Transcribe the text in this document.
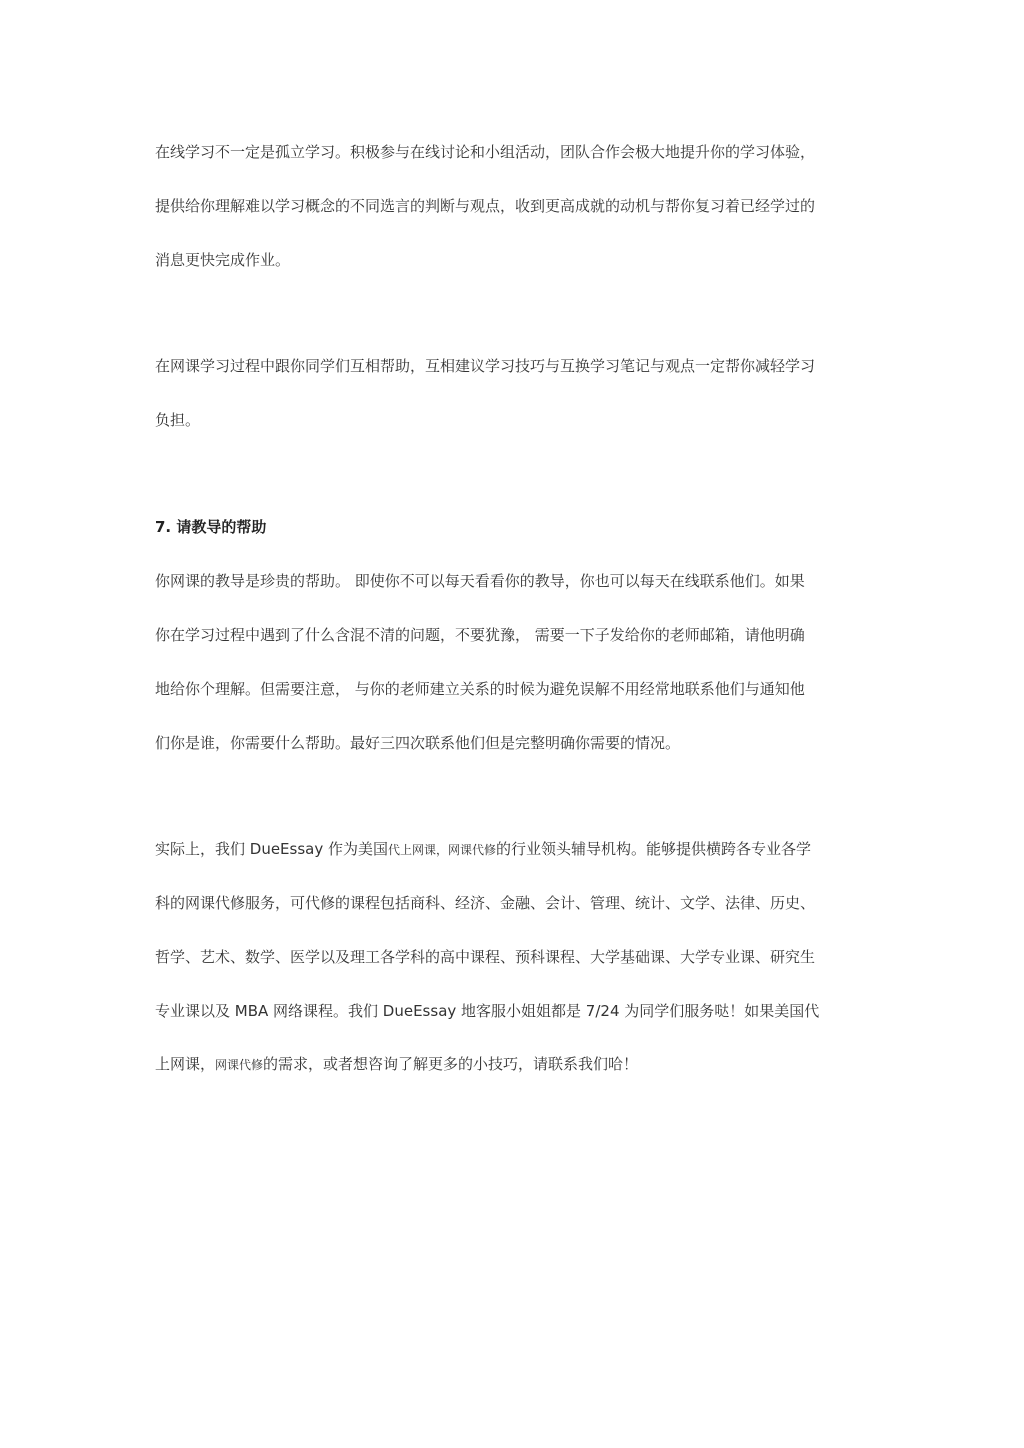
在线学习不一定是孤立学习。积极参与在线讨论和小组活动，团队合作会极大地提升你的学习体验，
提供给你理解难以学习概念的不同选言的判断与观点，收到更高成就的动机与帮你复习着已经学过的
消息更快完成作业。
在网课学习过程中跟你同学们互相帮助，互相建议学习技巧与互换学习笔记与观点一定帮你减轻学习
负担。
7. 请教导的帮助
你网课的教导是珍贵的帮助。 即使你不可以每天看看你的教导，你也可以每天在线联系他们。如果
你在学习过程中遇到了什么含混不清的问题，不要犹豫， 需要一下子发给你的老师邮箱，请他明确
地给你个理解。但需要注意， 与你的老师建立关系的时候为避免误解不用经常地联系他们与通知他
们你是谁，你需要什么帮助。最好三四次联系他们但是完整明确你需要的情况。
实际上，我们 DueEssay 作为美国代上网课，网课代修的行业领头辅导机构。能够提供横跨各专业各学
科的网课代修服务，可代修的课程包括商科、经济、金融、会计、管理、统计、文学、法律、历史、
哲学、艺术、数学、医学以及理工各学科的高中课程、预科课程、大学基础课、大学专业课、研究生
专业课以及 MBA 网络课程。我们 DueEssay 地客服小姐姐都是 7/24 为同学们服务哒！如果美国代
上网课，网课代修的需求，或者想咨询了解更多的小技巧，请联系我们哈！
